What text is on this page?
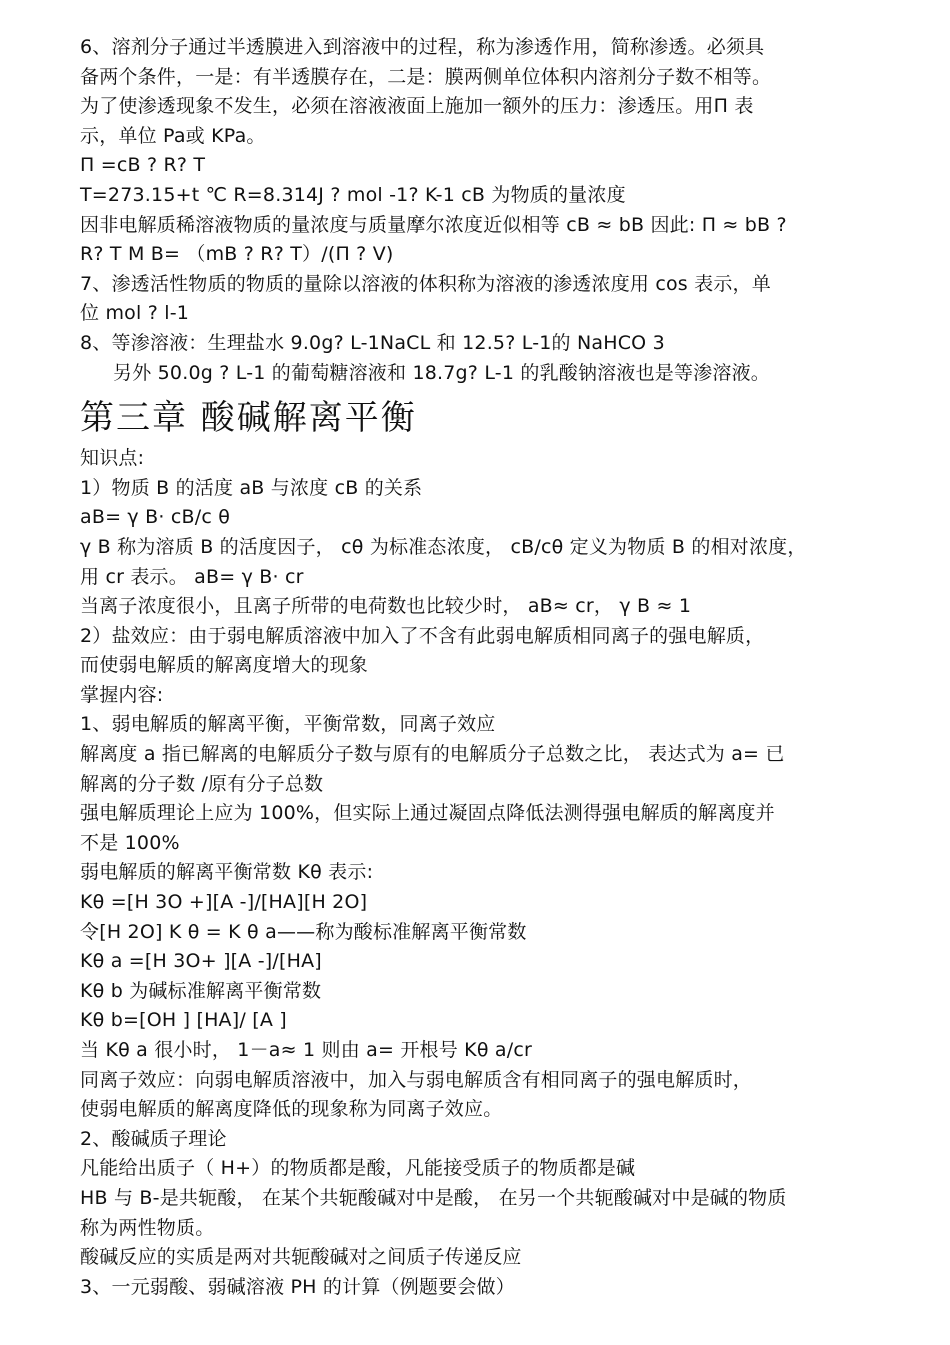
6、溶剂分子通过半透膜进入到溶液中的过程，称为渗透作用，简称渗透。必须具
备两个条件，一是：有半透膜存在，二是：膜两侧单位体积内溶剂分子数不相等。
为了使渗透现象不发生，必须在溶液液面上施加一额外的压力：渗透压。用Π 表
示，单位 Pa或 KPa。
Π =cB ? R? T
T=273.15+t ℃ R=8.314J ? mol -1? K-1 cB 为物质的量浓度
因非电解质稀溶液物质的量浓度与质量摩尔浓度近似相等 cB ≈ bB 因此: Π ≈ bB ?
R? T M B= （mB ? R? T）/(Π ? V)
7、渗透活性物质的物质的量除以溶液的体积称为溶液的渗透浓度用 cos 表示，单
位 mol ? l-1
8、等渗溶液：生理盐水 9.0g? L-1NaCL 和 12.5? L-1的 NaHCO 3
另外 50.0g ? L-1 的葡萄糖溶液和 18.7g? L-1 的乳酸钠溶液也是等渗溶液。
第三章 酸碱解离平衡
知识点:
1）物质 B 的活度 aB 与浓度 cB 的关系
aB= γ B· cB/c θ
γ B 称为溶质 B 的活度因子， cθ 为标准态浓度， cB/cθ 定义为物质 B 的相对浓度，
用 cr 表示。 aB= γ B· cr
当离子浓度很小，且离子所带的电荷数也比较少时， aB≈ cr， γ B ≈ 1
2）盐效应：由于弱电解质溶液中加入了不含有此弱电解质相同离子的强电解质，
而使弱电解质的解离度增大的现象
掌握内容:
1、弱电解质的解离平衡，平衡常数，同离子效应
解离度 a 指已解离的电解质分子数与原有的电解质分子总数之比， 表达式为 a= 已
解离的分子数 /原有分子总数
强电解质理论上应为 100%，但实际上通过凝固点降低法测得强电解质的解离度并
不是 100%
弱电解质的解离平衡常数 Kθ 表示:
Kθ =[H 3O +][A -]/[HA][H 2O]
令[H 2O] K θ = K θ a——称为酸标准解离平衡常数
Kθ a =[H 3O+ ][A -]/[HA]
Kθ b 为碱标准解离平衡常数
Kθ b=[OH ] [HA]/ [A ]
当 Kθ a 很小时， 1－a≈ 1 则由 a= 开根号 Kθ a/cr
同离子效应：向弱电解质溶液中，加入与弱电解质含有相同离子的强电解质时，
使弱电解质的解离度降低的现象称为同离子效应。
2、酸碱质子理论
凡能给出质子（ H+）的物质都是酸，凡能接受质子的物质都是碱
HB 与 B-是共轭酸， 在某个共轭酸碱对中是酸， 在另一个共轭酸碱对中是碱的物质
称为两性物质。
酸碱反应的实质是两对共轭酸碱对之间质子传递反应
3、一元弱酸、弱碱溶液 PH 的计算（例题要会做）
